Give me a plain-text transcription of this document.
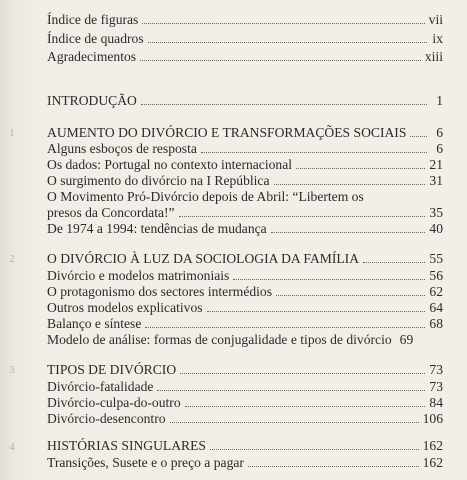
Índice de figuras	vii
Índice de quadros	ix
Agradecimentos	xiii
INTRODUÇÃO	1
1 AUMENTO DO DIVÓRCIO E TRANSFORMAÇÕES SOCIAIS	6
Alguns esboços de resposta	6
Os dados: Portugal no contexto internacional	21
O surgimento do divórcio na I República	31
O Movimento Pró-Divórcio depois de Abril: “Libertem os
presos da Concordata!”	35
De 1974 a 1994: tendências de mudança	40
2 O DIVÓRCIO À LUZ DA SOCIOLOGIA DA FAMÍLIA	55
Divórcio e modelos matrimoniais	56
O protagonismo dos sectores intermédios	62
Outros modelos explicativos	64
Balanço e síntese	68
Modelo de análise: formas de conjugalidade e tipos de divórcio 69
3 TIPOS DE DIVÓRCIO	73
Divórcio-fatalidade	73
Divórcio-culpa-do-outro	84
Divórcio-desencontro	106
4 HISTÓRIAS SINGULARES	162
Transições, Susete e o preço a pagar	162
